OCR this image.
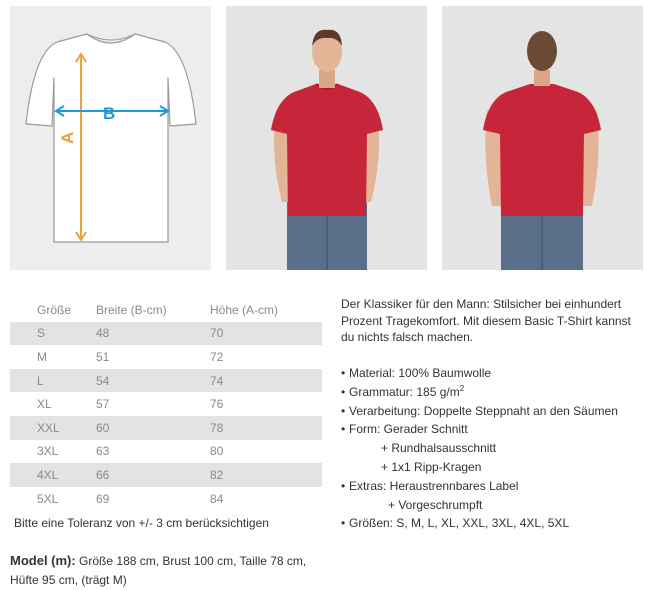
A
B
Größe	Breite (B-cm)	Höhe (A-cm)
S	48	70
M	51	72
L	54	74
XL	57	76
XXL	60	78
3XL	63	80
4XL	66	82
5XL	69	84
Bitte eine Toleranz von +/- 3 cm berücksichtigen
Model (m): Größe 188 cm, Brust 100 cm, Taille 78 cm, Hüfte 95 cm, (trägt M)
Der Klassiker für den Mann: Stilsicher bei einhundert Prozent Tragekomfort. Mit diesem Basic T-Shirt kannst du nichts falsch machen.
• Material: 100% Baumwolle
• Grammatur: 185 $g/m^2$
• Verarbeitung: Doppelte Steppnaht an den Säumen
• Form: Gerader Schnitt
+ Rundhalsausschnitt
+ 1x1 Ripp-Kragen
• Extras: Heraustrennbares Label
+ Vorgeschrumpft
• Größen: S, M, L, XL, XXL, 3XL, 4XL, 5XL
